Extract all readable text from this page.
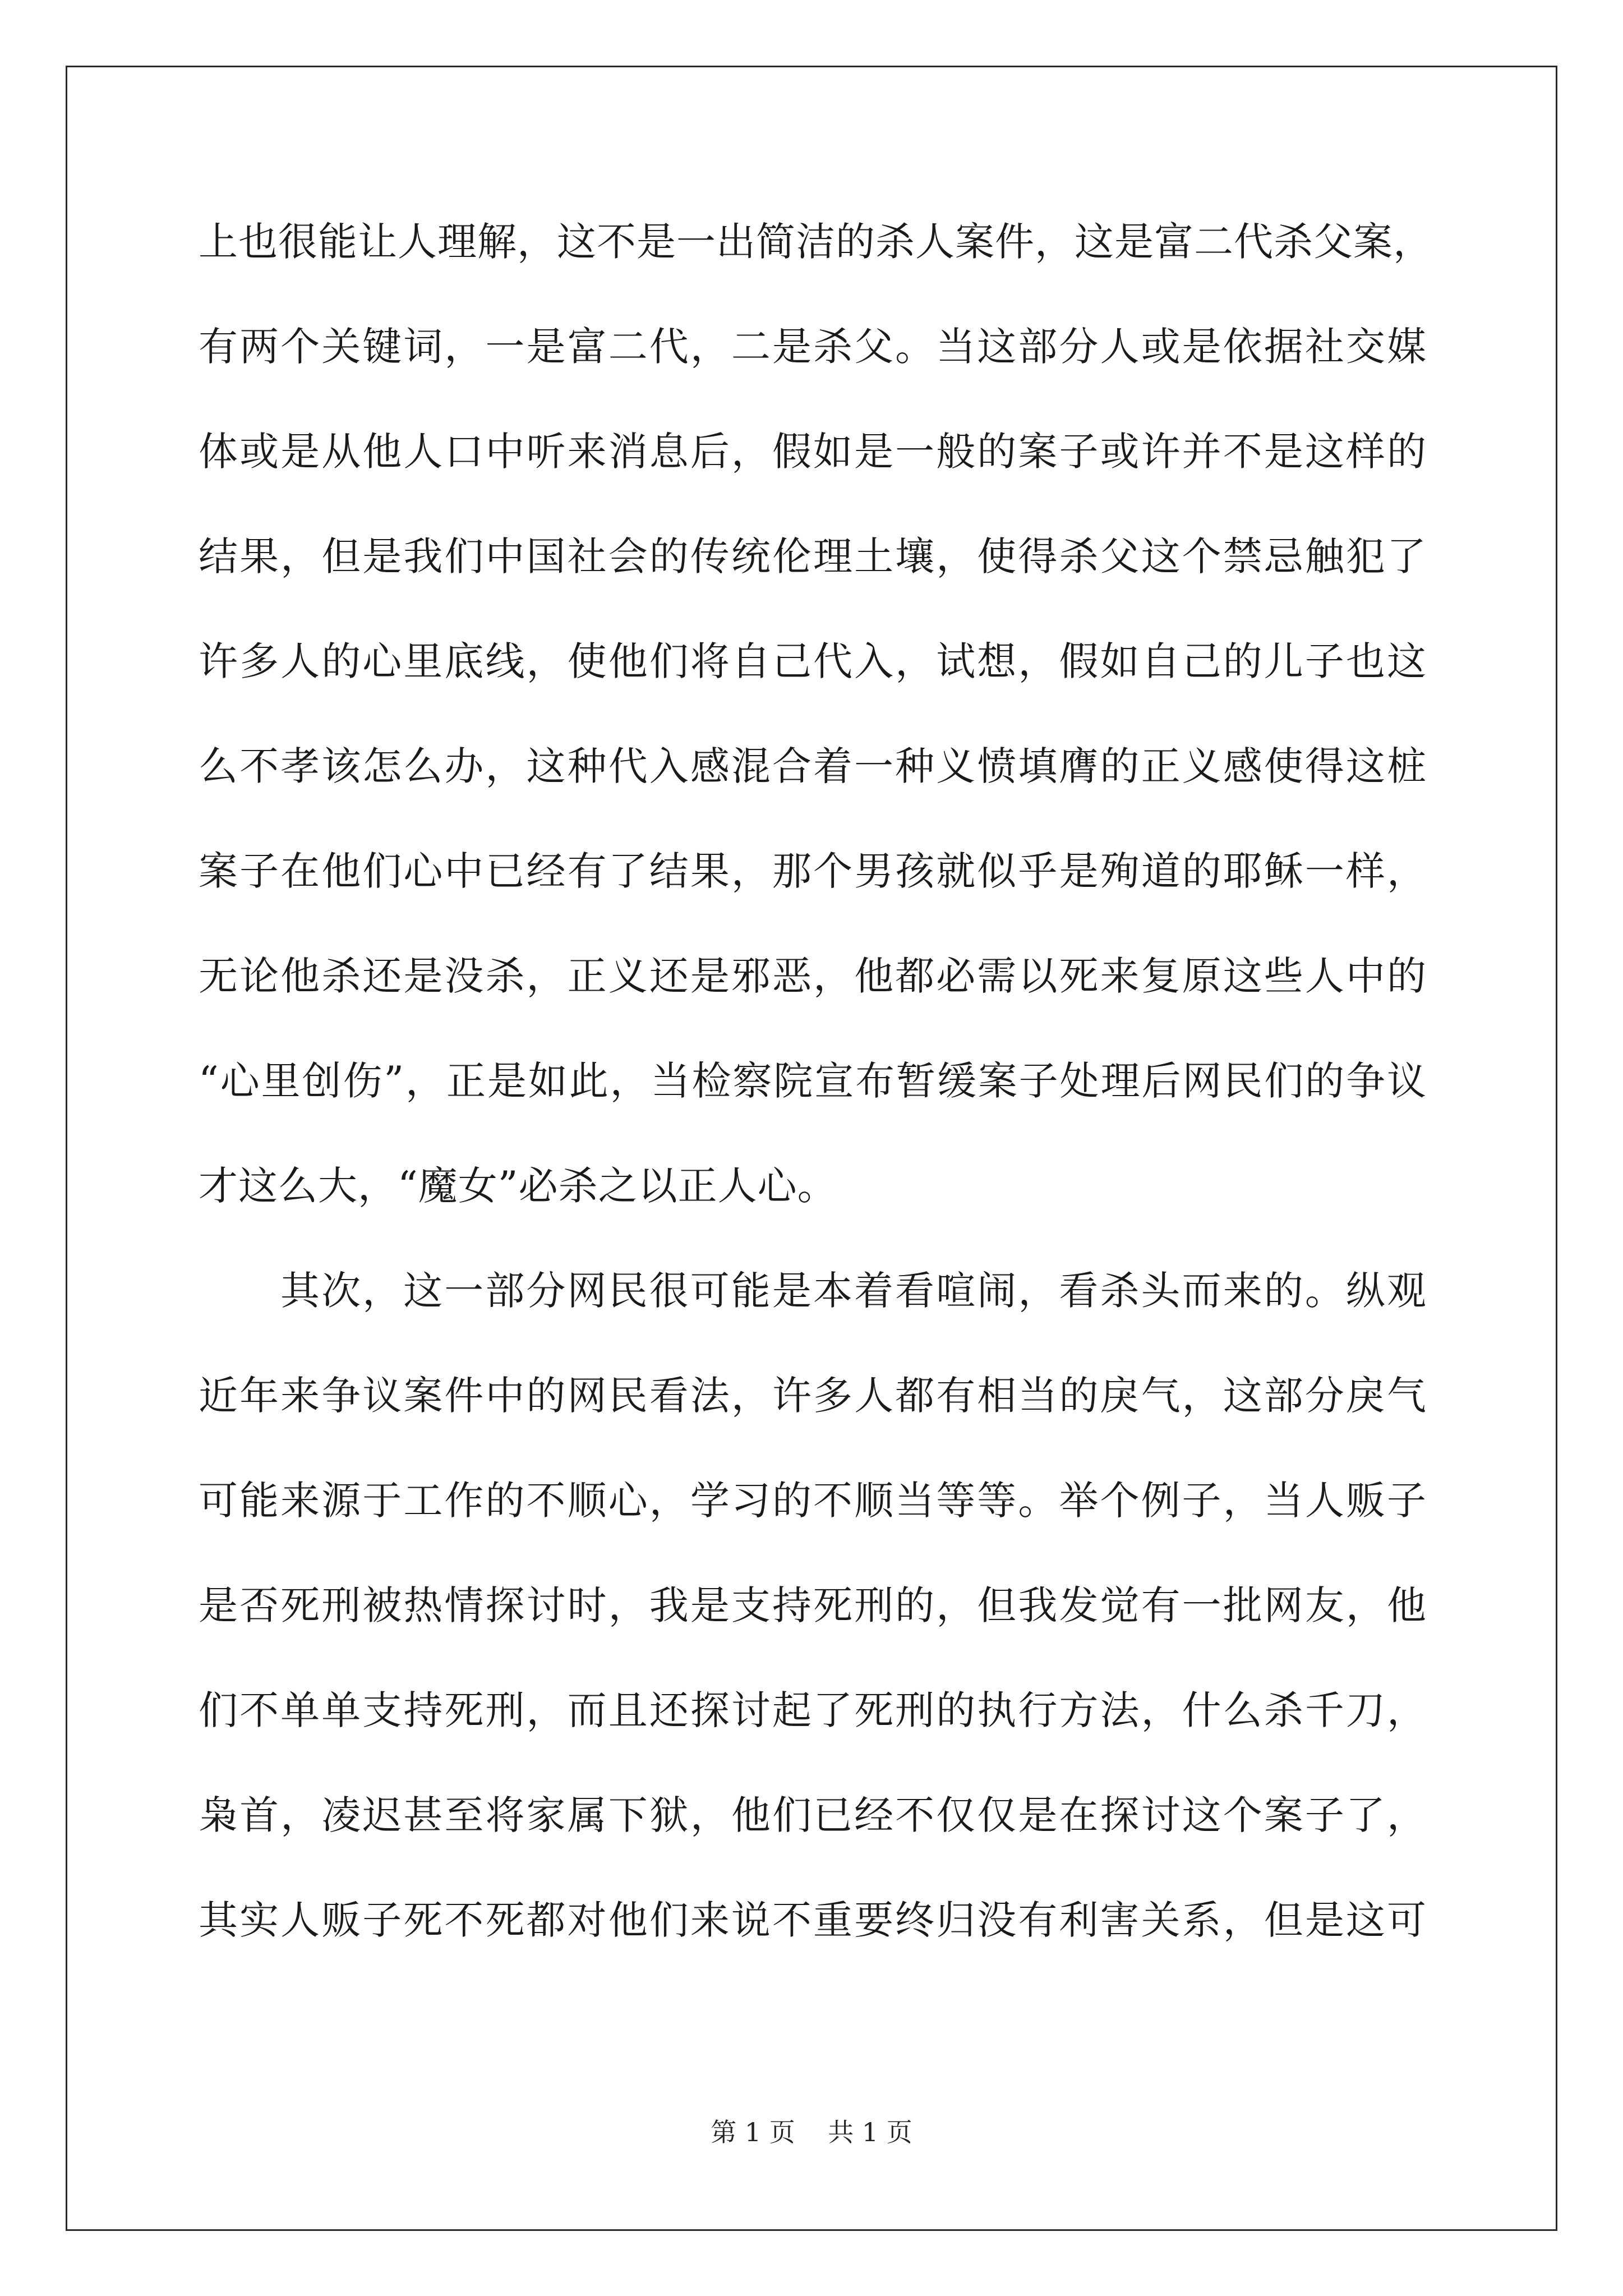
上也很能让人理解，这不是一出简洁的杀人案件，这是富二代杀父案，
有两个关键词，一是富二代，二是杀父。当这部分人或是依据社交媒
体或是从他人口中听来消息后，假如是一般的案子或许并不是这样的
结果，但是我们中国社会的传统伦理土壤，使得杀父这个禁忌触犯了
许多人的心里底线，使他们将自己代入，试想，假如自己的儿子也这
么不孝该怎么办，这种代入感混合着一种义愤填膺的正义感使得这桩
案子在他们心中已经有了结果，那个男孩就似乎是殉道的耶稣一样，
无论他杀还是没杀，正义还是邪恶，他都必需以死来复原这些人中的
“心里创伤”，正是如此，当检察院宣布暂缓案子处理后网民们的争议
才这么大，“魔女”必杀之以正人心。
其次，这一部分网民很可能是本着看喧闹，看杀头而来的。纵观
近年来争议案件中的网民看法，许多人都有相当的戾气，这部分戾气
可能来源于工作的不顺心，学习的不顺当等等。举个例子，当人贩子
是否死刑被热情探讨时，我是支持死刑的，但我发觉有一批网友，他
们不单单支持死刑，而且还探讨起了死刑的执行方法，什么杀千刀，
枭首，凌迟甚至将家属下狱，他们已经不仅仅是在探讨这个案子了，
其实人贩子死不死都对他们来说不重要终归没有利害关系，但是这可
第 1 页    共 1 页
